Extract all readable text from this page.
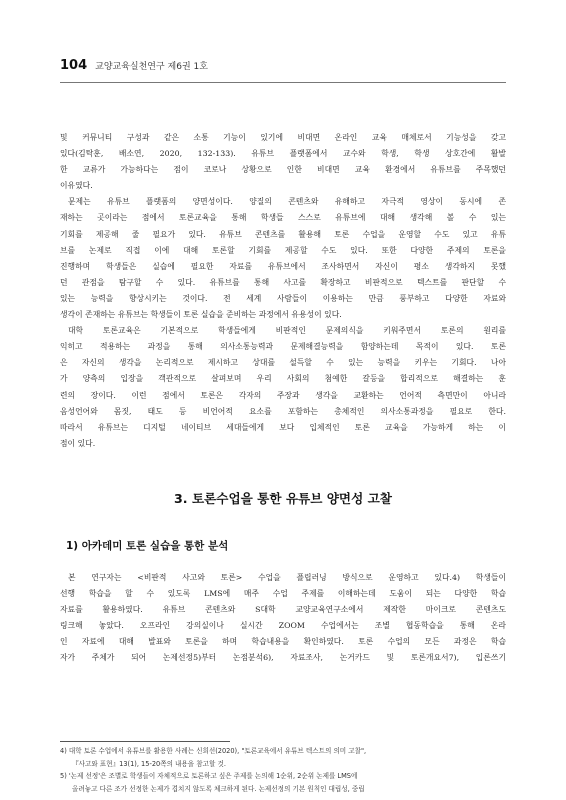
104 교양교육실천연구 제6권 1호
및 커뮤니티 구성과 같은 소통 기능이 있기에 비대면 온라인 교육 매체로서 기능성을 갖고
있다(김탁훈, 배소연, 2020, 132-133). 유튜브 플랫폼에서 교수와 학생, 학생 상호간에 활발
한 교류가 가능하다는 점이 코로나 상황으로 인한 비대면 교육 환경에서 유튜브를 주목했던
이유였다.
문제는 유튜브 플랫폼의 양면성이다. 양질의 콘텐츠와 유해하고 자극적 영상이 동시에 존
재하는 곳이라는 점에서 토론교육을 통해 학생들 스스로 유튜브에 대해 생각해 볼 수 있는
기회를 제공해 줄 필요가 있다. 유튜브 콘텐츠를 활용해 토론 수업을 운영할 수도 있고 유튜
브를 논제로 직접 이에 대해 토론할 기회를 제공할 수도 있다. 또한 다양한 주제의 토론을
진행하며 학생들은 실습에 필요한 자료를 유튜브에서 조사하면서 자신이 평소 생각하지 못했
던 관점을 탐구할 수 있다. 유튜브를 통해 사고를 확장하고 비판적으로 텍스트를 판단할 수
있는 능력을 향상시키는 것이다. 전 세계 사람들이 이용하는 만큼 풍부하고 다양한 자료와
생각이 존재하는 유튜브는 학생들이 토론 실습을 준비하는 과정에서 유용성이 있다.
대학 토론교육은 기본적으로 학생들에게 비판적인 문제의식을 키워주면서 토론의 원리를
익히고 적용하는 과정을 통해 의사소통능력과 문제해결능력을 함양하는데 목적이 있다. 토론
은 자신의 생각을 논리적으로 제시하고 상대를 설득할 수 있는 능력을 키우는 기회다. 나아
가 양측의 입장을 객관적으로 살펴보며 우리 사회의 첨예한 갈등을 합리적으로 해결하는 훈
련의 장이다. 이런 점에서 토론은 각자의 주장과 생각을 교환하는 언어적 측면만이 아니라
음성언어와 몸짓, 태도 등 비언어적 요소를 포함하는 총체적인 의사소통과정을 필요로 한다.
따라서 유튜브는 디지털 네이티브 세대들에게 보다 입체적인 토론 교육을 가능하게 하는 이
점이 있다.
3. 토론수업을 통한 유튜브 양면성 고찰
1) 아카데미 토론 실습을 통한 분석
본 연구자는 <비판적 사고와 토론> 수업을 플립러닝 방식으로 운영하고 있다.4) 학생들이
선행 학습을 할 수 있도록 LMS에 매주 수업 주제를 이해하는데 도움이 되는 다양한 학습
자료를 활용하였다. 유튜브 콘텐츠와 S대학 교양교육연구소에서 제작한 마이크로 콘텐츠도
링크해 놓았다. 오프라인 강의실이나 실시간 ZOOM 수업에서는 조별 협동학습을 통해 온라
인 자료에 대해 발표와 토론을 하며 학습내용을 확인하였다. 토론 수업의 모든 과정은 학습
자가 주체가 되어 논제선정5)부터 논점분석6), 자료조사, 논거카드 및 토론개요서7), 입론쓰기
4) 대학 토론 수업에서 유튜브를 활용한 사례는 신희선(2020), "토론교육에서 유튜브 텍스트의 의미 고찰",
『사고와 표현』13(1), 15-20쪽의 내용을 참고할 것.
5) '논제 선정'은 조별로 학생들이 자체적으로 토론하고 싶은 주제를 논의해 1순위, 2순위 논제를 LMS에
올려놓고 다른 조가 선정한 논제가 겹치지 않도록 체크하게 된다. 논제선정의 기본 원칙인 대립성, 중립
